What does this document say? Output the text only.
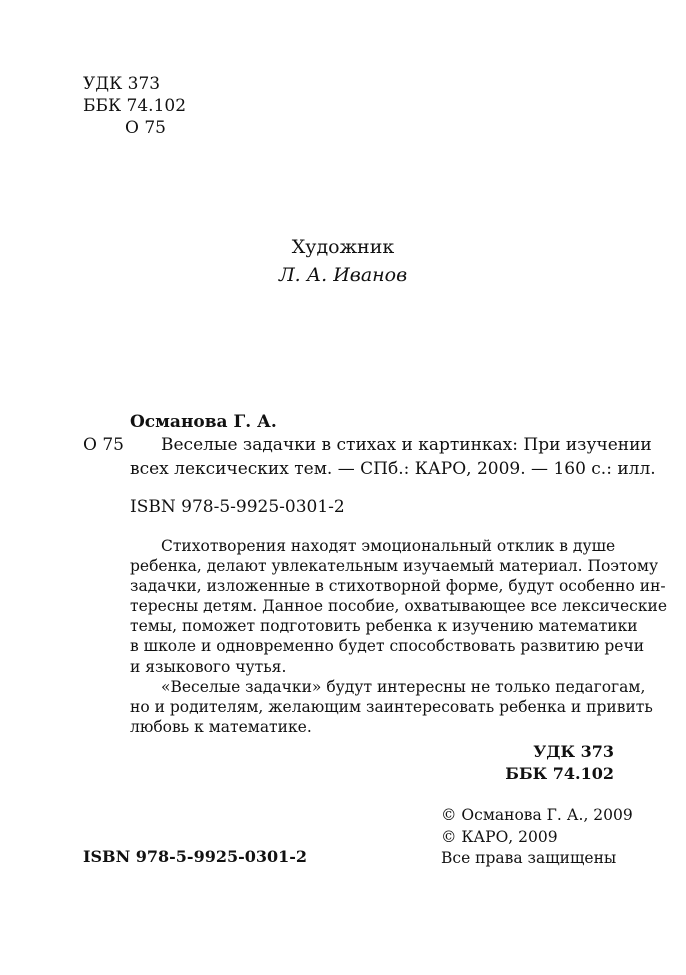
УДК 373
ББК 74.102
О 75
Художник
Л. А. Иванов
Османова Г. А.
О 75	Веселые задачки в стихах и картинках: При изучении
всех лексических тем. — СПб.: КАРО, 2009. — 160 с.: илл.
ISBN 978-5-9925-0301-2
Стихотворения находят эмоциональный отклик в душе
ребенка, делают увлекательным изучаемый материал. Поэтому
задачки, изложенные в стихотворной форме, будут особенно ин-
тересны детям. Данное пособие, охватывающее все лексические
темы, поможет подготовить ребенка к изучению математики
в школе и одновременно будет способствовать развитию речи
и языкового чутья.
«Веселые задачки» будут интересны не только педагогам,
но и родителям, желающим заинтересовать ребенка и привить
любовь к математике.
УДК 373
ББК 74.102
© Османова Г. А., 2009
© КАРО, 2009
Все права защищены
ISBN 978-5-9925-0301-2
